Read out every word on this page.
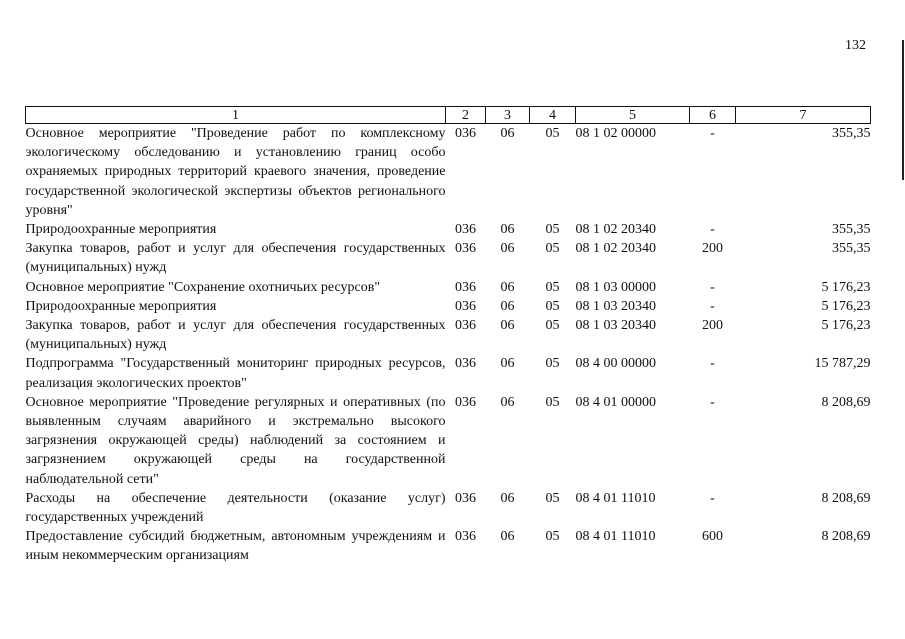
132
1	2	3	4	5	6	7
Основное мероприятие "Проведение работ по комплексному экологическому обследованию и установлению границ особо охраняемых природных территорий краевого значения, проведение государственной экологической экспертизы объектов регионального уровня"	036	06	05	08 1 02 00000	-	355,35
Природоохранные мероприятия	036	06	05	08 1 02 20340	-	355,35
Закупка товаров, работ и услуг для обеспечения государственных (муниципальных) нужд	036	06	05	08 1 02 20340	200	355,35
Основное мероприятие "Сохранение охотничьих ресурсов"	036	06	05	08 1 03 00000	-	5 176,23
Природоохранные мероприятия	036	06	05	08 1 03 20340	-	5 176,23
Закупка товаров, работ и услуг для обеспечения государственных (муниципальных) нужд	036	06	05	08 1 03 20340	200	5 176,23
Подпрограмма "Государственный мониторинг природных ресурсов, реализация экологических проектов"	036	06	05	08 4 00 00000	-	15 787,29
Основное мероприятие "Проведение регулярных и оперативных (по выявленным случаям аварийного и экстремально высокого загрязнения окружающей среды) наблюдений за состоянием и загрязнением окружающей среды на государственной наблюдательной сети"	036	06	05	08 4 01 00000	-	8 208,69
Расходы на обеспечение деятельности (оказание услуг) государственных учреждений	036	06	05	08 4 01 11010	-	8 208,69
Предоставление субсидий бюджетным, автономным учреждениям и иным некоммерческим организациям	036	06	05	08 4 01 11010	600	8 208,69
